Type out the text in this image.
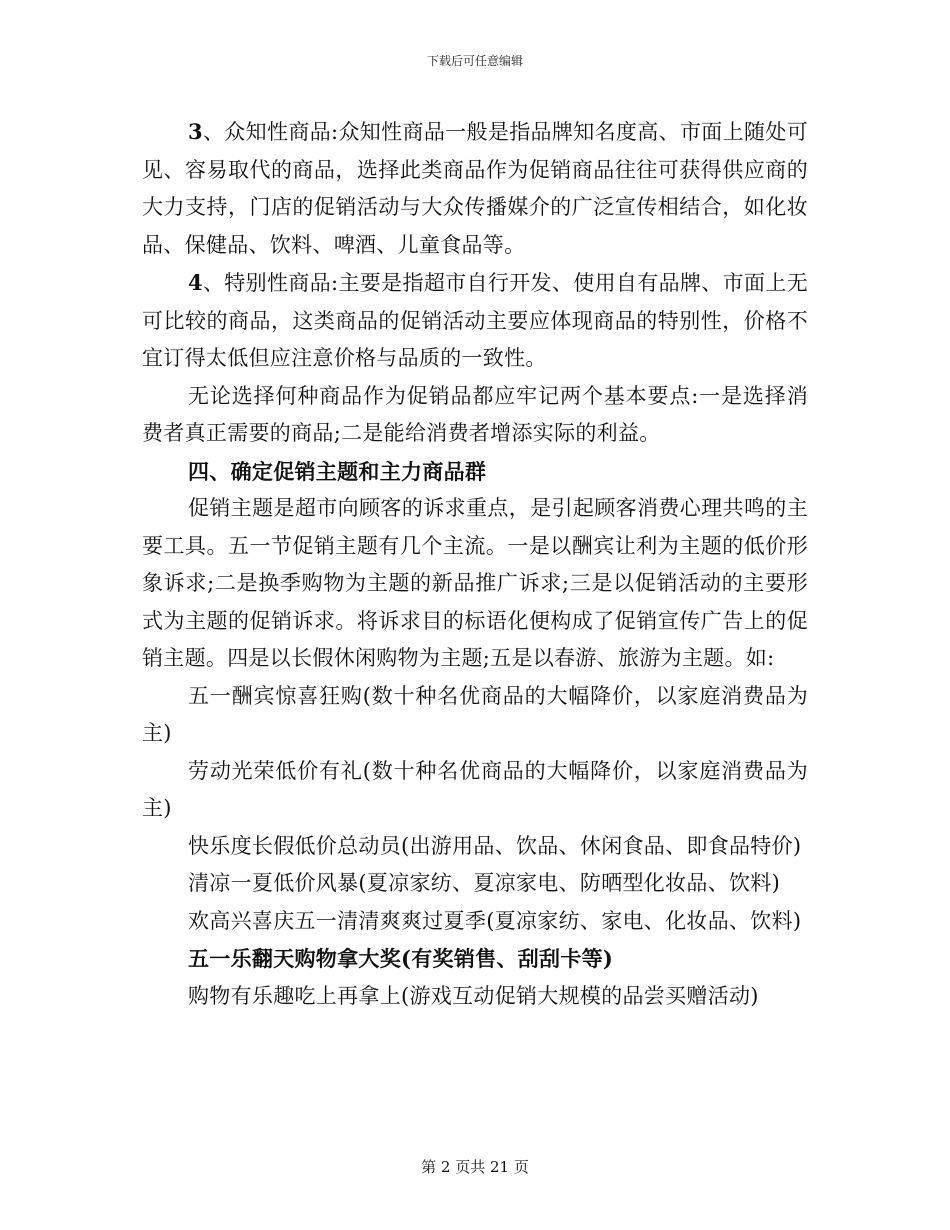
下载后可任意编辑

3、众知性商品:众知性商品一般是指品牌知名度高、市面上随处可见、容易取代的商品，选择此类商品作为促销商品往往可获得供应商的大力支持，门店的促销活动与大众传播媒介的广泛宣传相结合，如化妆品、保健品、饮料、啤酒、儿童食品等。

4、特别性商品:主要是指超市自行开发、使用自有品牌、市面上无可比较的商品，这类商品的促销活动主要应体现商品的特别性，价格不宜订得太低但应注意价格与品质的一致性。

无论选择何种商品作为促销品都应牢记两个基本要点:一是选择消费者真正需要的商品;二是能给消费者增添实际的利益。

四、确定促销主题和主力商品群

促销主题是超市向顾客的诉求重点，是引起顾客消费心理共鸣的主要工具。五一节促销主题有几个主流。一是以酬宾让利为主题的低价形象诉求;二是换季购物为主题的新品推广诉求;三是以促销活动的主要形式为主题的促销诉求。将诉求目的标语化便构成了促销宣传广告上的促销主题。四是以长假休闲购物为主题;五是以春游、旅游为主题。如:

五一酬宾惊喜狂购(数十种名优商品的大幅降价，以家庭消费品为主)

劳动光荣低价有礼(数十种名优商品的大幅降价，以家庭消费品为主)

快乐度长假低价总动员(出游用品、饮品、休闲食品、即食品特价)

清凉一夏低价风暴(夏凉家纺、夏凉家电、防晒型化妆品、饮料)

欢高兴喜庆五一清清爽爽过夏季(夏凉家纺、家电、化妆品、饮料)

五一乐翻天购物拿大奖(有奖销售、刮刮卡等)

购物有乐趣吃上再拿上(游戏互动促销大规模的品尝买赠活动)

第 2 页共 21 页
